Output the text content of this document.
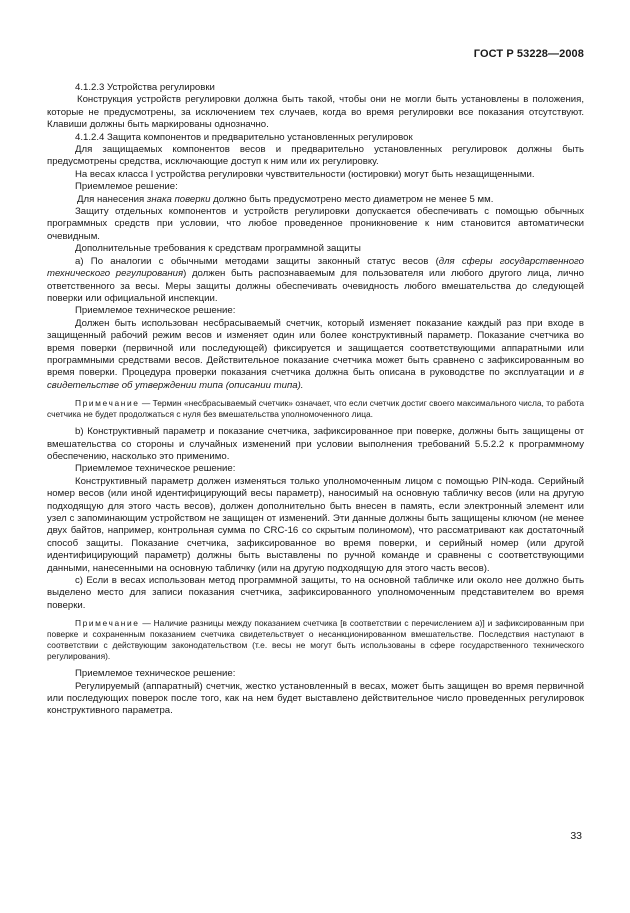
ГОСТ Р 53228—2008

4.1.2.3 Устройства регулировки

Конструкция устройств регулировки должна быть такой, чтобы они не могли быть установлены в положения, которые не предусмотрены, за исключением тех случаев, когда во время регулировки все показания отсутствуют. Клавиши должны быть маркированы однозначно.

4.1.2.4 Защита компонентов и предварительно установленных регулировок

Для защищаемых компонентов весов и предварительно установленных регулировок должны быть предусмотрены средства, исключающие доступ к ним или их регулировку.

На весах класса I устройства регулировки чувствительности (юстировки) могут быть незащищенными.

Приемлемое решение:

Для нанесения знака поверки должно быть предусмотрено место диаметром не менее 5 мм.

Защиту отдельных компонентов и устройств регулировки допускается обеспечивать с помощью обычных программных средств при условии, что любое проведенное проникновение к ним становится автоматически очевидным.

Дополнительные требования к средствам программной защиты

а) По аналогии с обычными методами защиты законный статус весов (для сферы государственного технического регулирования) должен быть распознаваемым для пользователя или любого другого лица, лично ответственного за весы. Меры защиты должны обеспечивать очевидность любого вмешательства до следующей поверки или официальной инспекции.

Приемлемое техническое решение:

Должен быть использован несбрасываемый счетчик, который изменяет показание каждый раз при входе в защищенный рабочий режим весов и изменяет один или более конструктивный параметр. Показание счетчика во время поверки (первичной или последующей) фиксируется и защищается соответствующими аппаратными или программными средствами весов. Действительное показание счетчика может быть сравнено с зафиксированным во время поверки. Процедура проверки показания счетчика должна быть описана в руководстве по эксплуатации и в свидетельстве об утверждении типа (описании типа).

Примечание — Термин «несбрасываемый счетчик» означает, что если счетчик достиг своего максимального числа, то работа счетчика не будет продолжаться с нуля без вмешательства уполномоченного лица.

b) Конструктивный параметр и показание счетчика, зафиксированное при поверке, должны быть защищены от вмешательства со стороны и случайных изменений при условии выполнения требований 5.5.2.2 к программному обеспечению, насколько это применимо.

Приемлемое техническое решение:

Конструктивный параметр должен изменяться только уполномоченным лицом с помощью PIN-кода. Серийный номер весов (или иной идентифицирующий весы параметр), наносимый на основную табличку весов (или на другую подходящую для этого часть весов), должен дополнительно быть внесен в память, если электронный элемент или узел с запоминающим устройством не защищен от изменений. Эти данные должны быть защищены ключом (не менее двух байтов, например, контрольная сумма по CRC-16 со скрытым полиномом), что рассматривают как достаточный способ защиты. Показание счетчика, зафиксированное во время поверки, и серийный номер (или другой идентифицирующий параметр) должны быть выставлены по ручной команде и сравнены с соответствующими данными, нанесенными на основную табличку (или на другую подходящую для этого часть весов).

с) Если в весах использован метод программной защиты, то на основной табличке или около нее должно быть выделено место для записи показания счетчика, зафиксированного уполномоченным представителем во время поверки.

Примечание — Наличие разницы между показанием счетчика [в соответствии с перечислением а)] и зафиксированным при поверке и сохраненным показанием счетчика свидетельствует о несанкционированном вмешательстве. Последствия наступают в соответствии с действующим законодательством (т.е. весы не могут быть использованы в сфере государственного технического регулирования).

Приемлемое техническое решение:

Регулируемый (аппаратный) счетчик, жестко установленный в весах, может быть защищен во время первичной или последующих поверок после того, как на нем будет выставлено действительное число проведенных регулировок конструктивного параметра.

33
